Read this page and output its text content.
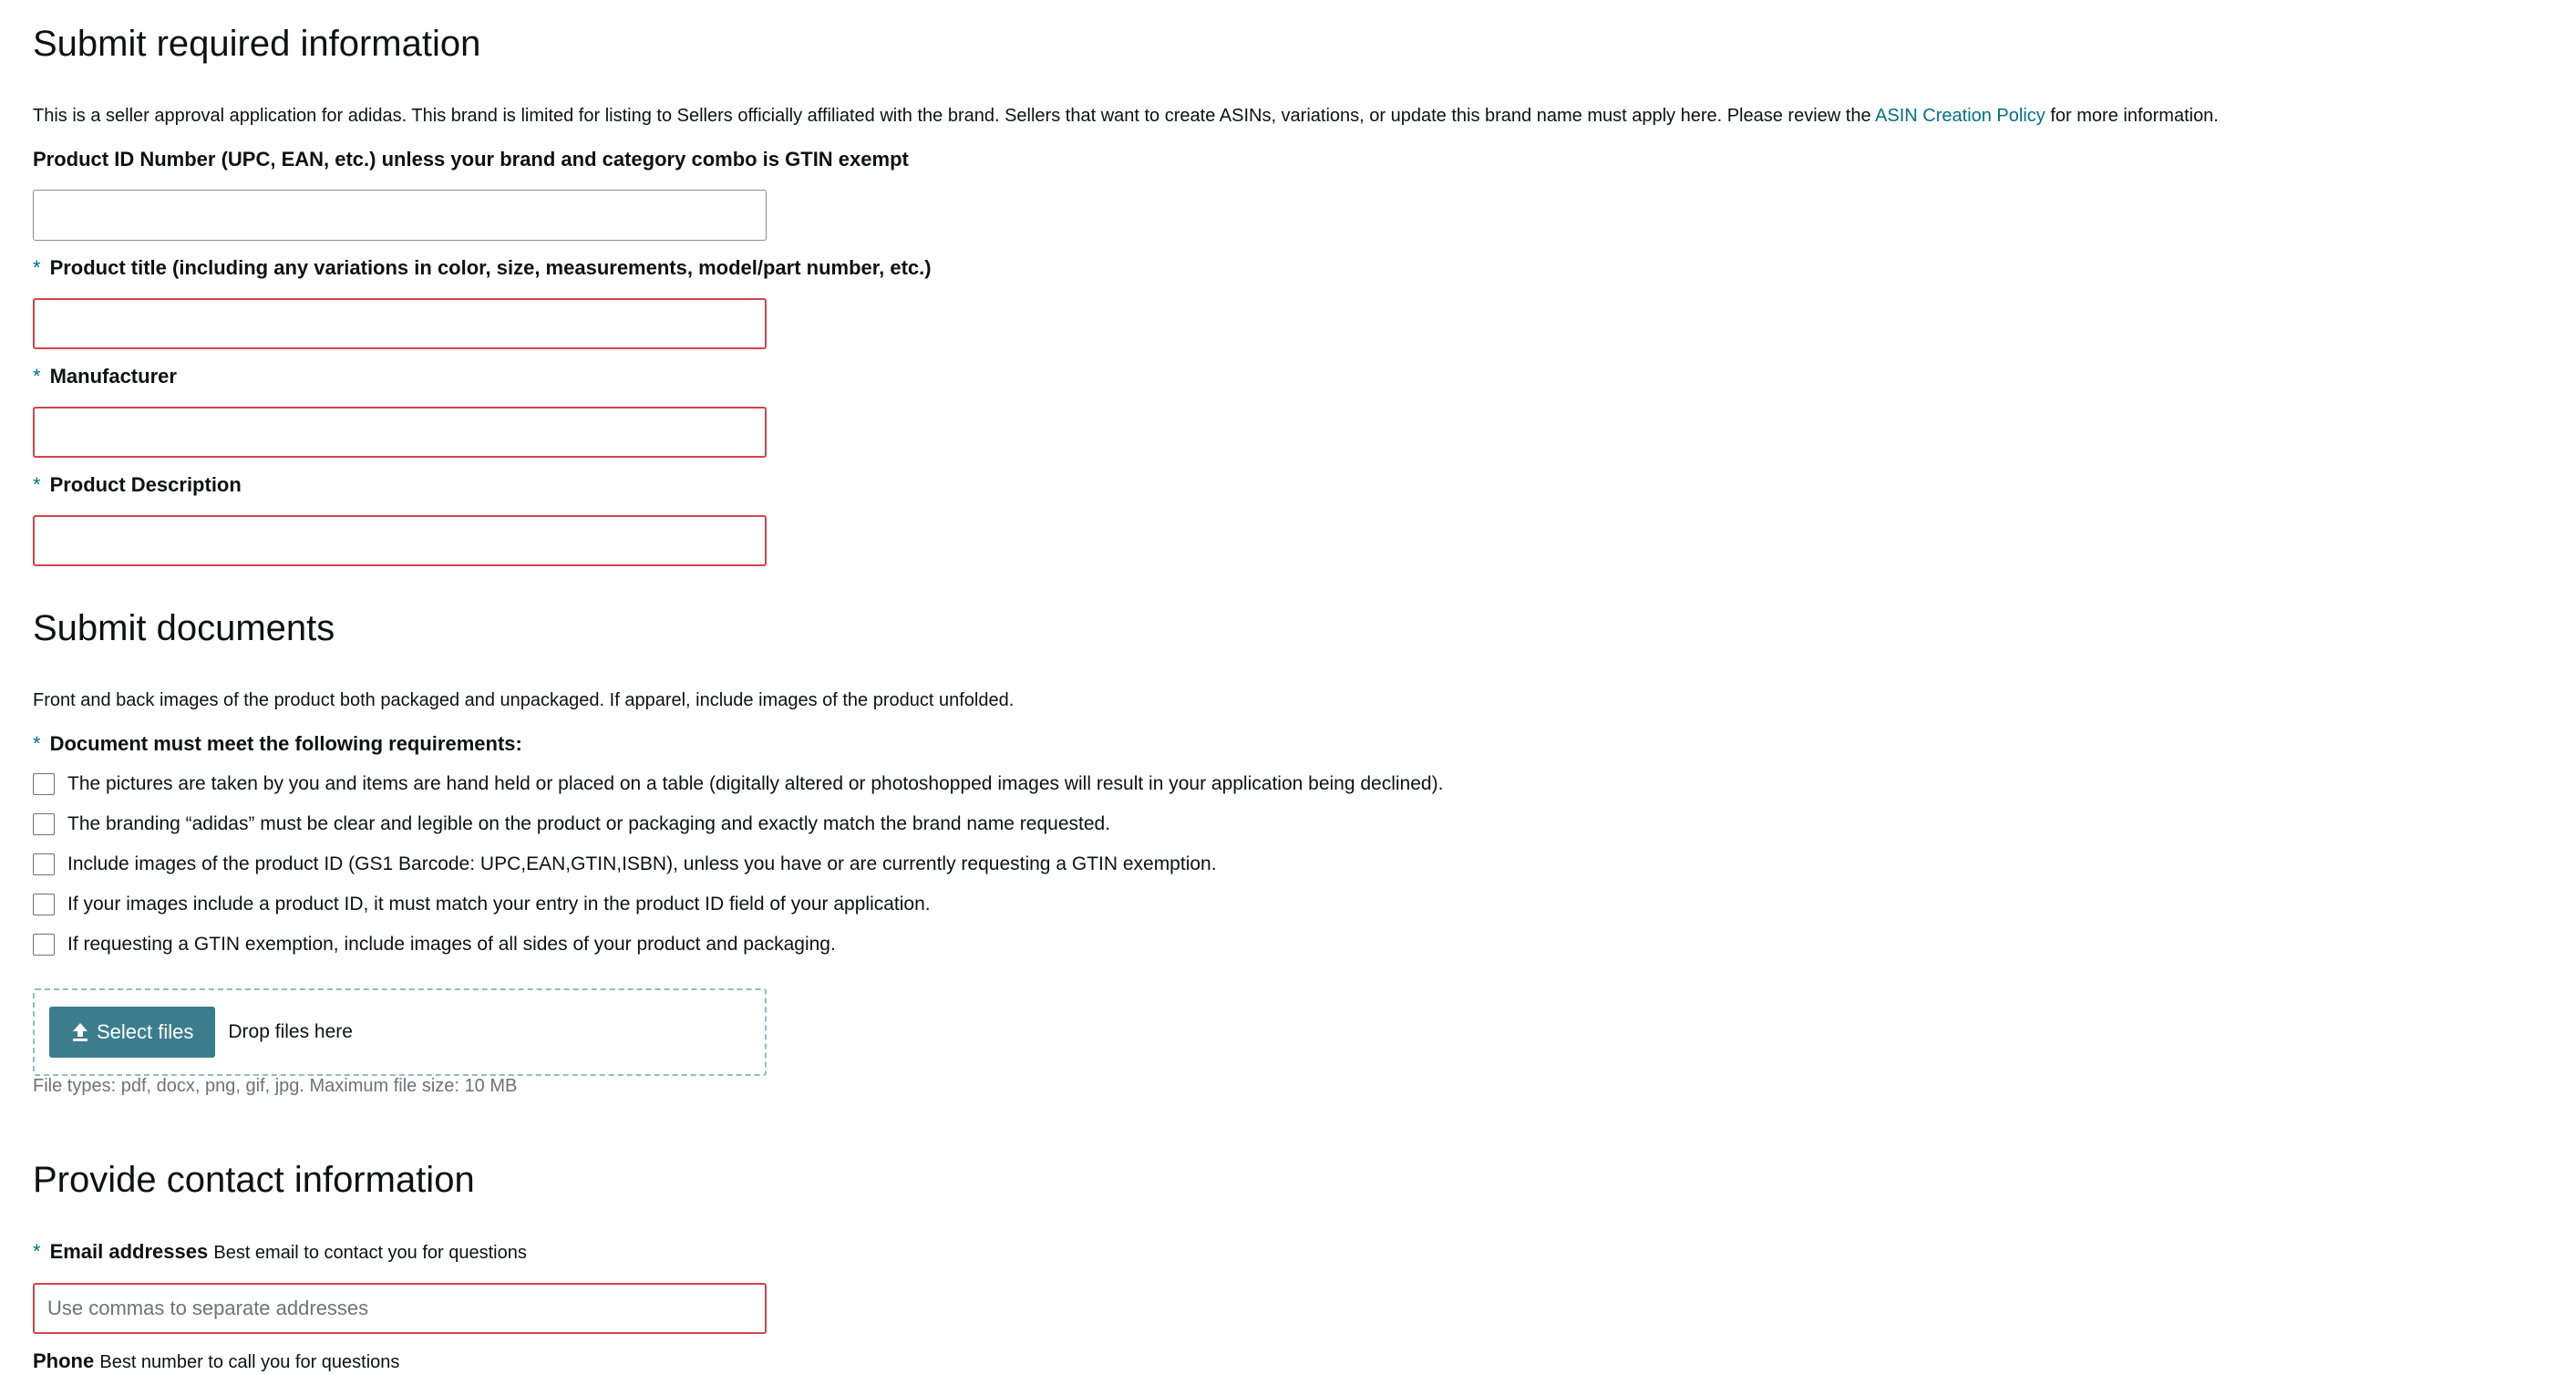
Submit required information

This is a seller approval application for adidas. This brand is limited for listing to Sellers officially affiliated with the brand. Sellers that want to create ASINs, variations, or update this brand name must apply here. Please review the ASIN Creation Policy for more information.

Product ID Number (UPC, EAN, etc.) unless your brand and category combo is GTIN exempt

* Product title (including any variations in color, size, measurements, model/part number, etc.)

* Manufacturer

* Product Description

Submit documents

Front and back images of the product both packaged and unpackaged. If apparel, include images of the product unfolded.

* Document must meet the following requirements:

The pictures are taken by you and items are hand held or placed on a table (digitally altered or photoshopped images will result in your application being declined).
The branding “adidas” must be clear and legible on the product or packaging and exactly match the brand name requested.
Include images of the product ID (GS1 Barcode: UPC,EAN,GTIN,ISBN), unless you have or are currently requesting a GTIN exemption.
If your images include a product ID, it must match your entry in the product ID field of your application.
If requesting a GTIN exemption, include images of all sides of your product and packaging.
Select files Drop files here

File types: pdf, docx, png, gif, jpg. Maximum file size: 10 MB

Provide contact information

* Email addresses Best email to contact you for questions

Use commas to separate addresses

Phone Best number to call you for questions
